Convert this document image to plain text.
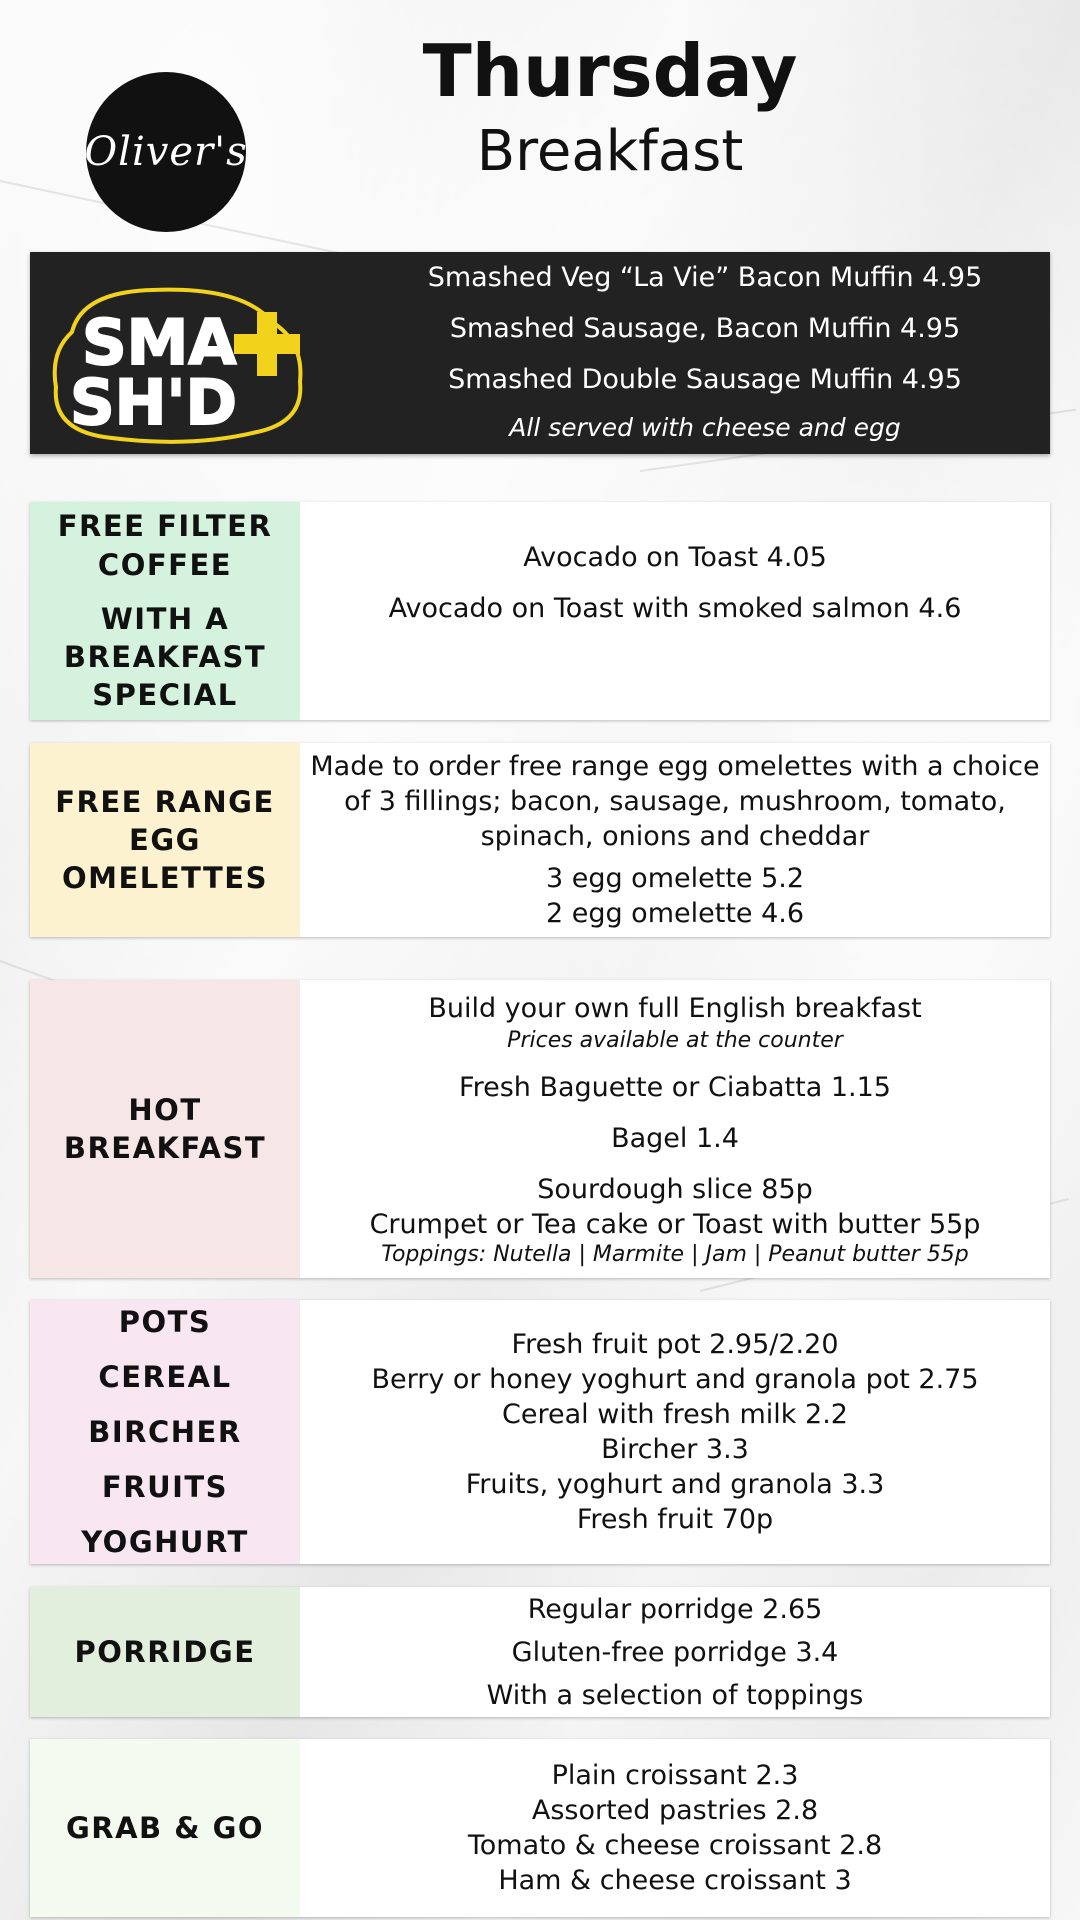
Oliver's
Thursday
Breakfast
SMA
SH'D
Smashed Veg “La Vie” Bacon Muffin 4.95
Smashed Sausage, Bacon Muffin 4.95
Smashed Double Sausage Muffin 4.95
All served with cheese and egg
FREE FILTER
COFFEE
WITH A
BREAKFAST
SPECIAL
Avocado on Toast 4.05
Avocado on Toast with smoked salmon 4.6
FREE RANGE
EGG
OMELETTES
Made to order free range egg omelettes with a choice
of 3 fillings; bacon, sausage, mushroom, tomato,
spinach, onions and cheddar
3 egg omelette 5.2
2 egg omelette 4.6
HOT
BREAKFAST
Build your own full English breakfast
Prices available at the counter
Fresh Baguette or Ciabatta 1.15
Bagel 1.4
Sourdough slice 85p
Crumpet or Tea cake or Toast with butter 55p
Toppings: Nutella | Marmite | Jam | Peanut butter 55p
POTS
CEREAL
BIRCHER
FRUITS
YOGHURT
Fresh fruit pot 2.95/2.20
Berry or honey yoghurt and granola pot 2.75
Cereal with fresh milk 2.2
Bircher 3.3
Fruits, yoghurt and granola 3.3
Fresh fruit 70p
PORRIDGE
Regular porridge 2.65
Gluten-free porridge 3.4
With a selection of toppings
GRAB & GO
Plain croissant 2.3
Assorted pastries 2.8
Tomato & cheese croissant 2.8
Ham & cheese croissant 3
